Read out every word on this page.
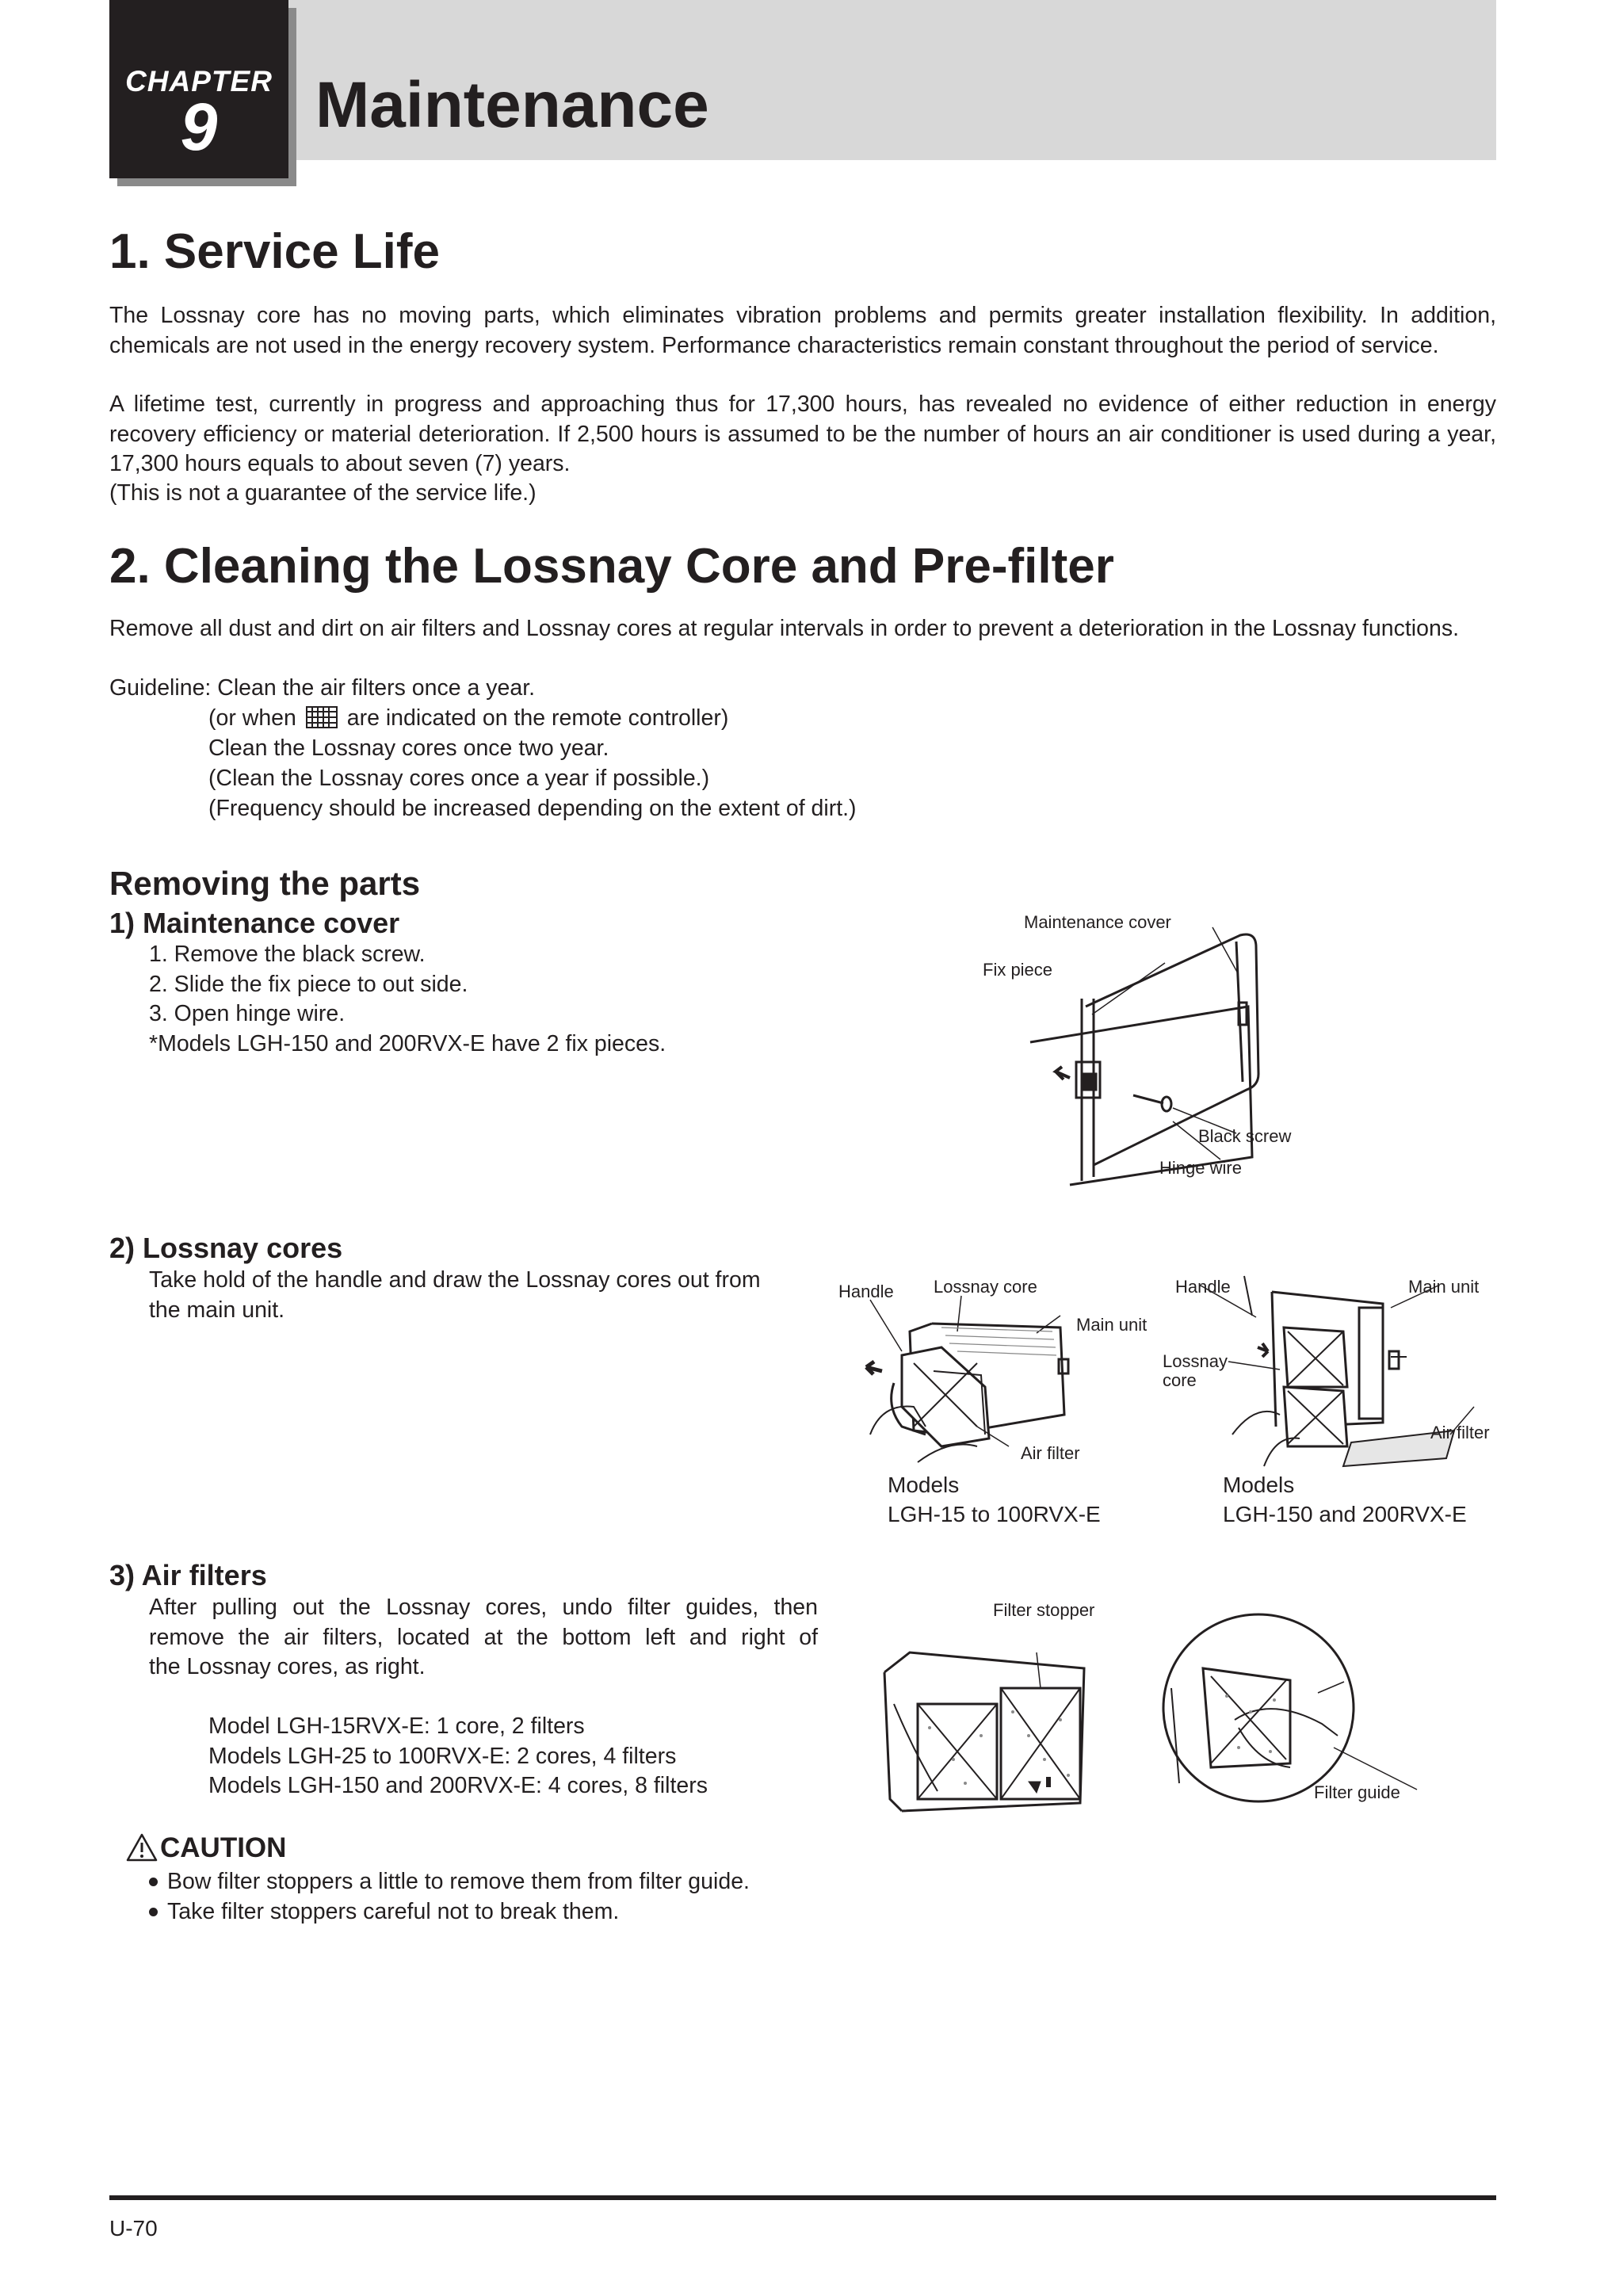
CHAPTER
9	Maintenance
1. Service Life
The Lossnay core has no moving parts, which eliminates vibration problems and permits greater installation flexibility. In addition, chemicals are not used in the energy recovery system. Performance characteristics remain constant throughout the period of service.
A lifetime test, currently in progress and approaching thus for 17,300 hours, has revealed no evidence of either reduction in energy recovery efficiency or material deterioration. If 2,500 hours is assumed to be the number of hours an air conditioner is used during a year, 17,300 hours equals to about seven (7) years.
(This is not a guarantee of the service life.)
2. Cleaning the Lossnay Core and Pre-filter
Remove all dust and dirt on air filters and Lossnay cores at regular intervals in order to prevent a deterioration in the Lossnay functions.
Guideline: Clean the air filters once a year.
(or when are indicated on the remote controller)
Clean the Lossnay cores once two year.
(Clean the Lossnay cores once a year if possible.)
(Frequency should be increased depending on the extent of dirt.)
Removing the parts
1) Maintenance cover
1. Remove the black screw.
2. Slide the fix piece to out side.
3. Open hinge wire.
*Models LGH-150 and 200RVX-E have 2 fix pieces.
Maintenance cover
Fix piece
Black screw
Hinge wire
2) Lossnay cores
Take hold of the handle and draw the Lossnay cores out from
the main unit.
Handle Lossnay core
Main unit
Air filter
Models
LGH-15 to 100RVX-E
Handle	Main unit
Lossnay
core
Air filter
Models
LGH-150 and 200RVX-E
3) Air filters
After pulling out the Lossnay cores, undo filter guides, then
remove the air filters, located at the bottom left and right of
the Lossnay cores, as right.
Model LGH-15RVX-E: 1 core, 2 filters
Models LGH-25 to 100RVX-E: 2 cores, 4 filters
Models LGH-150 and 200RVX-E: 4 cores, 8 filters
Filter stopper
Filter guide
CAUTION
Bow filter stoppers a little to remove them from filter guide.
Take filter stoppers careful not to break them.
U-70
